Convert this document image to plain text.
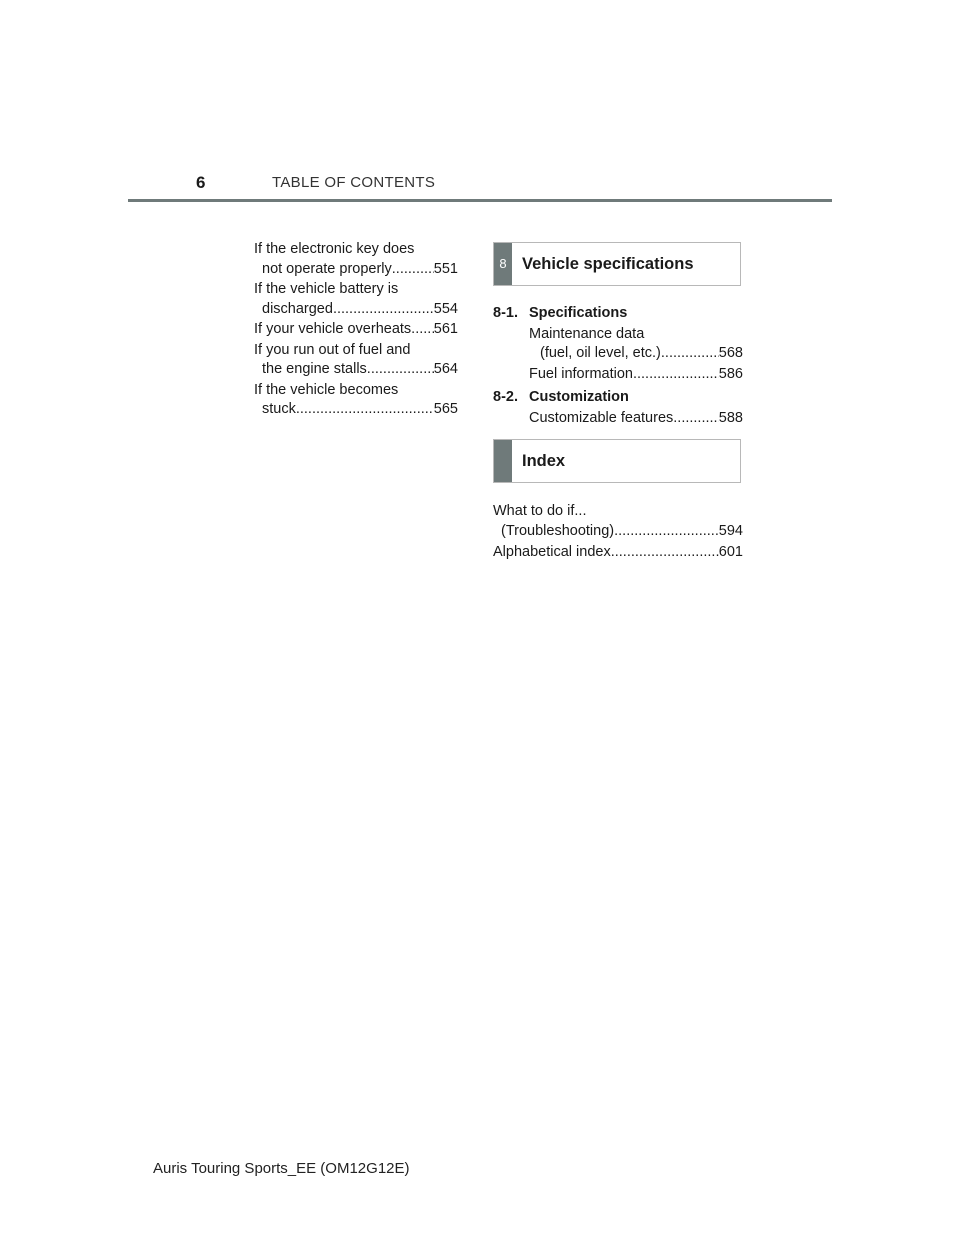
6	TABLE OF CONTENTS
If the electronic key does
not operate properly .....	551
If the vehicle battery is
discharged .....	554
If your vehicle overheats ..... 561
If you run out of fuel and
the engine stalls .....	564
If the vehicle becomes
stuck .....	565
8 Vehicle specifications
8-1. Specifications
Maintenance data
(fuel, oil level, etc.) .....	568
Fuel information .....	586
8-2. Customization
Customizable features .....	588
Index
What to do if...
(Troubleshooting) .....	594
Alphabetical index .....	601
Auris Touring Sports_EE (OM12G12E)
